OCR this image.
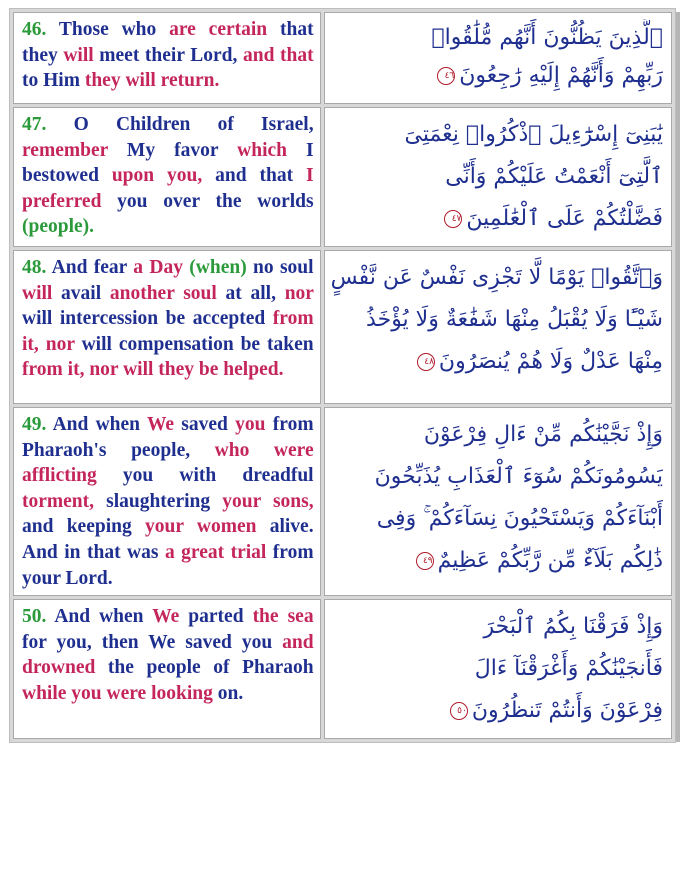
46. Those who are certain that they will meet their Lord, and that to Him they will return.	ٱلَّذِينَ يَظُنُّونَ أَنَّهُم مُّلَٰقُوا۟
رَبِّهِمْ وَأَنَّهُمْ إِلَيْهِ رَٰجِعُونَ٤٦

47. O Children of Israel, remember My favor which I bestowed upon you, and that I preferred you over the worlds (people).	يَٰبَنِىٓ إِسْرَٰٓءِيلَ ٱذْكُرُوا۟ نِعْمَتِىَ
ٱلَّتِىٓ أَنْعَمْتُ عَلَيْكُمْ وَأَنِّى
فَضَّلْتُكُمْ عَلَى ٱلْعَٰلَمِينَ٤٧

48. And fear a Day (when) no soul will avail another soul at all, nor will intercession be accepted from it, nor will compensation be taken from it, nor will they be helped.	وَٱتَّقُوا۟ يَوْمًا لَّا تَجْزِى نَفْسٌ عَن نَّفْسٍ
شَيْـًٔا وَلَا يُقْبَلُ مِنْهَا شَفَٰعَةٌ وَلَا يُؤْخَذُ
مِنْهَا عَدْلٌ وَلَا هُمْ يُنصَرُونَ٤٨

49. And when We saved you from Pharaoh's people, who were afflicting you with dreadful torment, slaughtering your sons, and keeping your women alive. And in that was a great trial from your Lord.	وَإِذْ نَجَّيْنَٰكُم مِّنْ ءَالِ فِرْعَوْنَ
يَسُومُونَكُمْ سُوٓءَ ٱلْعَذَابِ يُذَبِّحُونَ
أَبْنَآءَكُمْ وَيَسْتَحْيُونَ نِسَآءَكُمْ ۚ وَفِى
ذَٰلِكُم بَلَآءٌ مِّن رَّبِّكُمْ عَظِيمٌ٤٩

50. And when We parted the sea for you, then We saved you and drowned the people of Pharaoh while you were looking on.	وَإِذْ فَرَقْنَا بِكُمُ ٱلْبَحْرَ
فَأَنجَيْنَٰكُمْ وَأَغْرَقْنَآ ءَالَ
فِرْعَوْنَ وَأَنتُمْ تَنظُرُونَ٥٠
